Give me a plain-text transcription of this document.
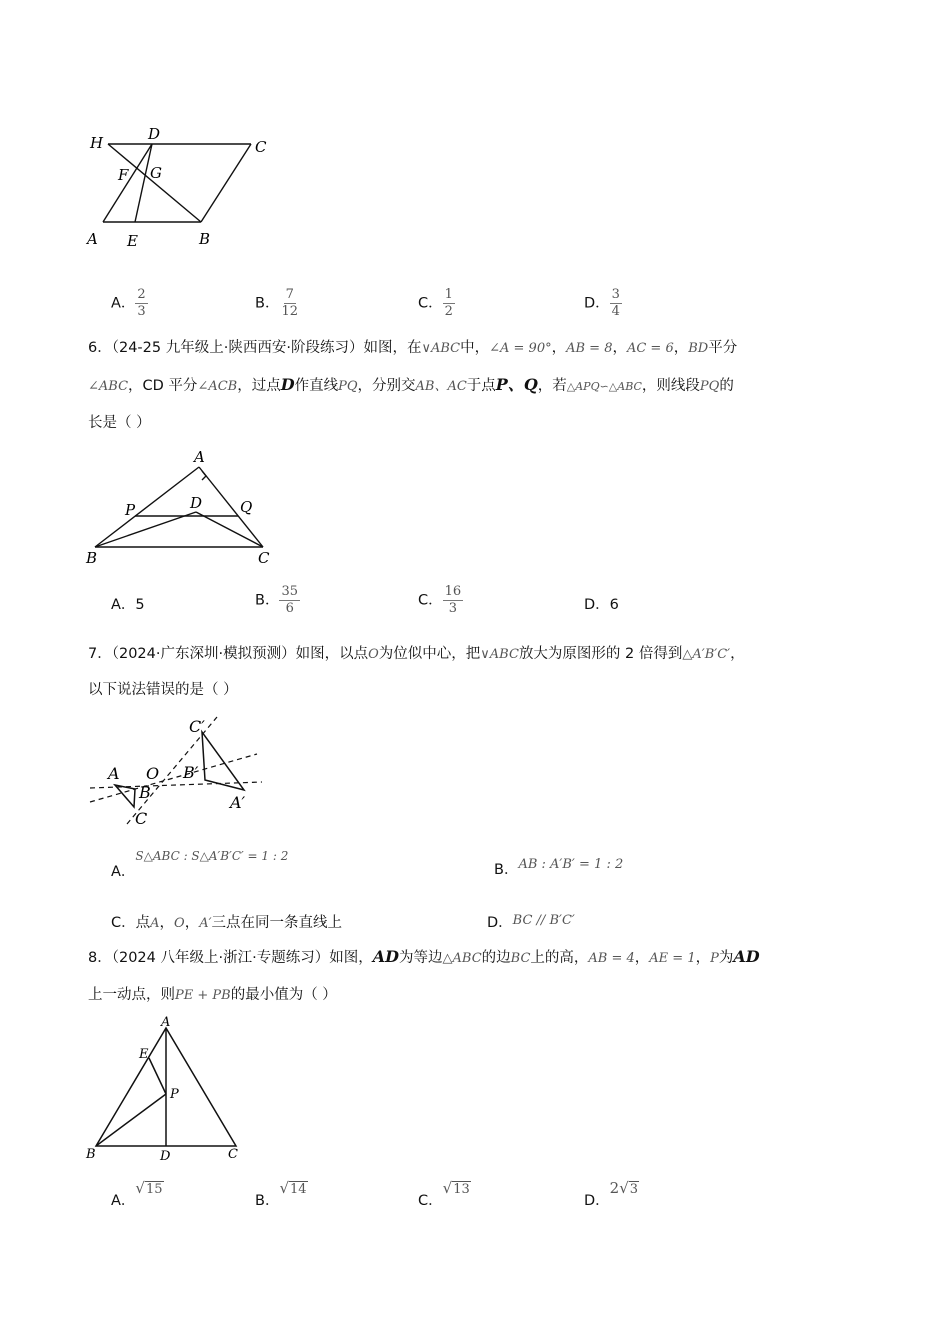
H	D
C
F G
A E	B
A． $\frac{2}{3}$	B． $\frac{7}{12}$	C． $\frac{1}{2}$	D． $\frac{3}{4}$
6．（24-25 九年级上·陕西西安·阶段练习）如图，在∨ABC中，∠A = 90°，AB = 8，AC = 6，BD平分
∠ABC，CD 平分∠ACB，过点D作直线PQ，分别交AB、AC于点P、Q，若△APQ∽△ABC，则线段PQ的
长是（ ）
A
P	D	Q
B	C
A．5	B． $\frac{35}{6}$	C． $\frac{16}{3}$	D．6
7．（2024·广东深圳·模拟预测）如图，以点O为位似中心，把∨ABC放大为原图形的 2 倍得到△A′B′C′，
以下说法错误的是（ ）
C′
B′
A O
B
A′
C
A．$^{S\triangle ABC : S\triangle A'B'C' = 1 : 2}$
B．AB : A′B′ = 1 : 2
C．点A，O，A′三点在同一条直线上	D．BC // B′C′
8．（2024 八年级上·浙江·专题练习）如图，AD为等边△ABC的边BC上的高，AB = 4，AE = 1，P为AD
上一动点，则PE + PB的最小值为（ ）
A
E
P
B	D	C
A．√15
B．√14
C．√13
D．2√3
